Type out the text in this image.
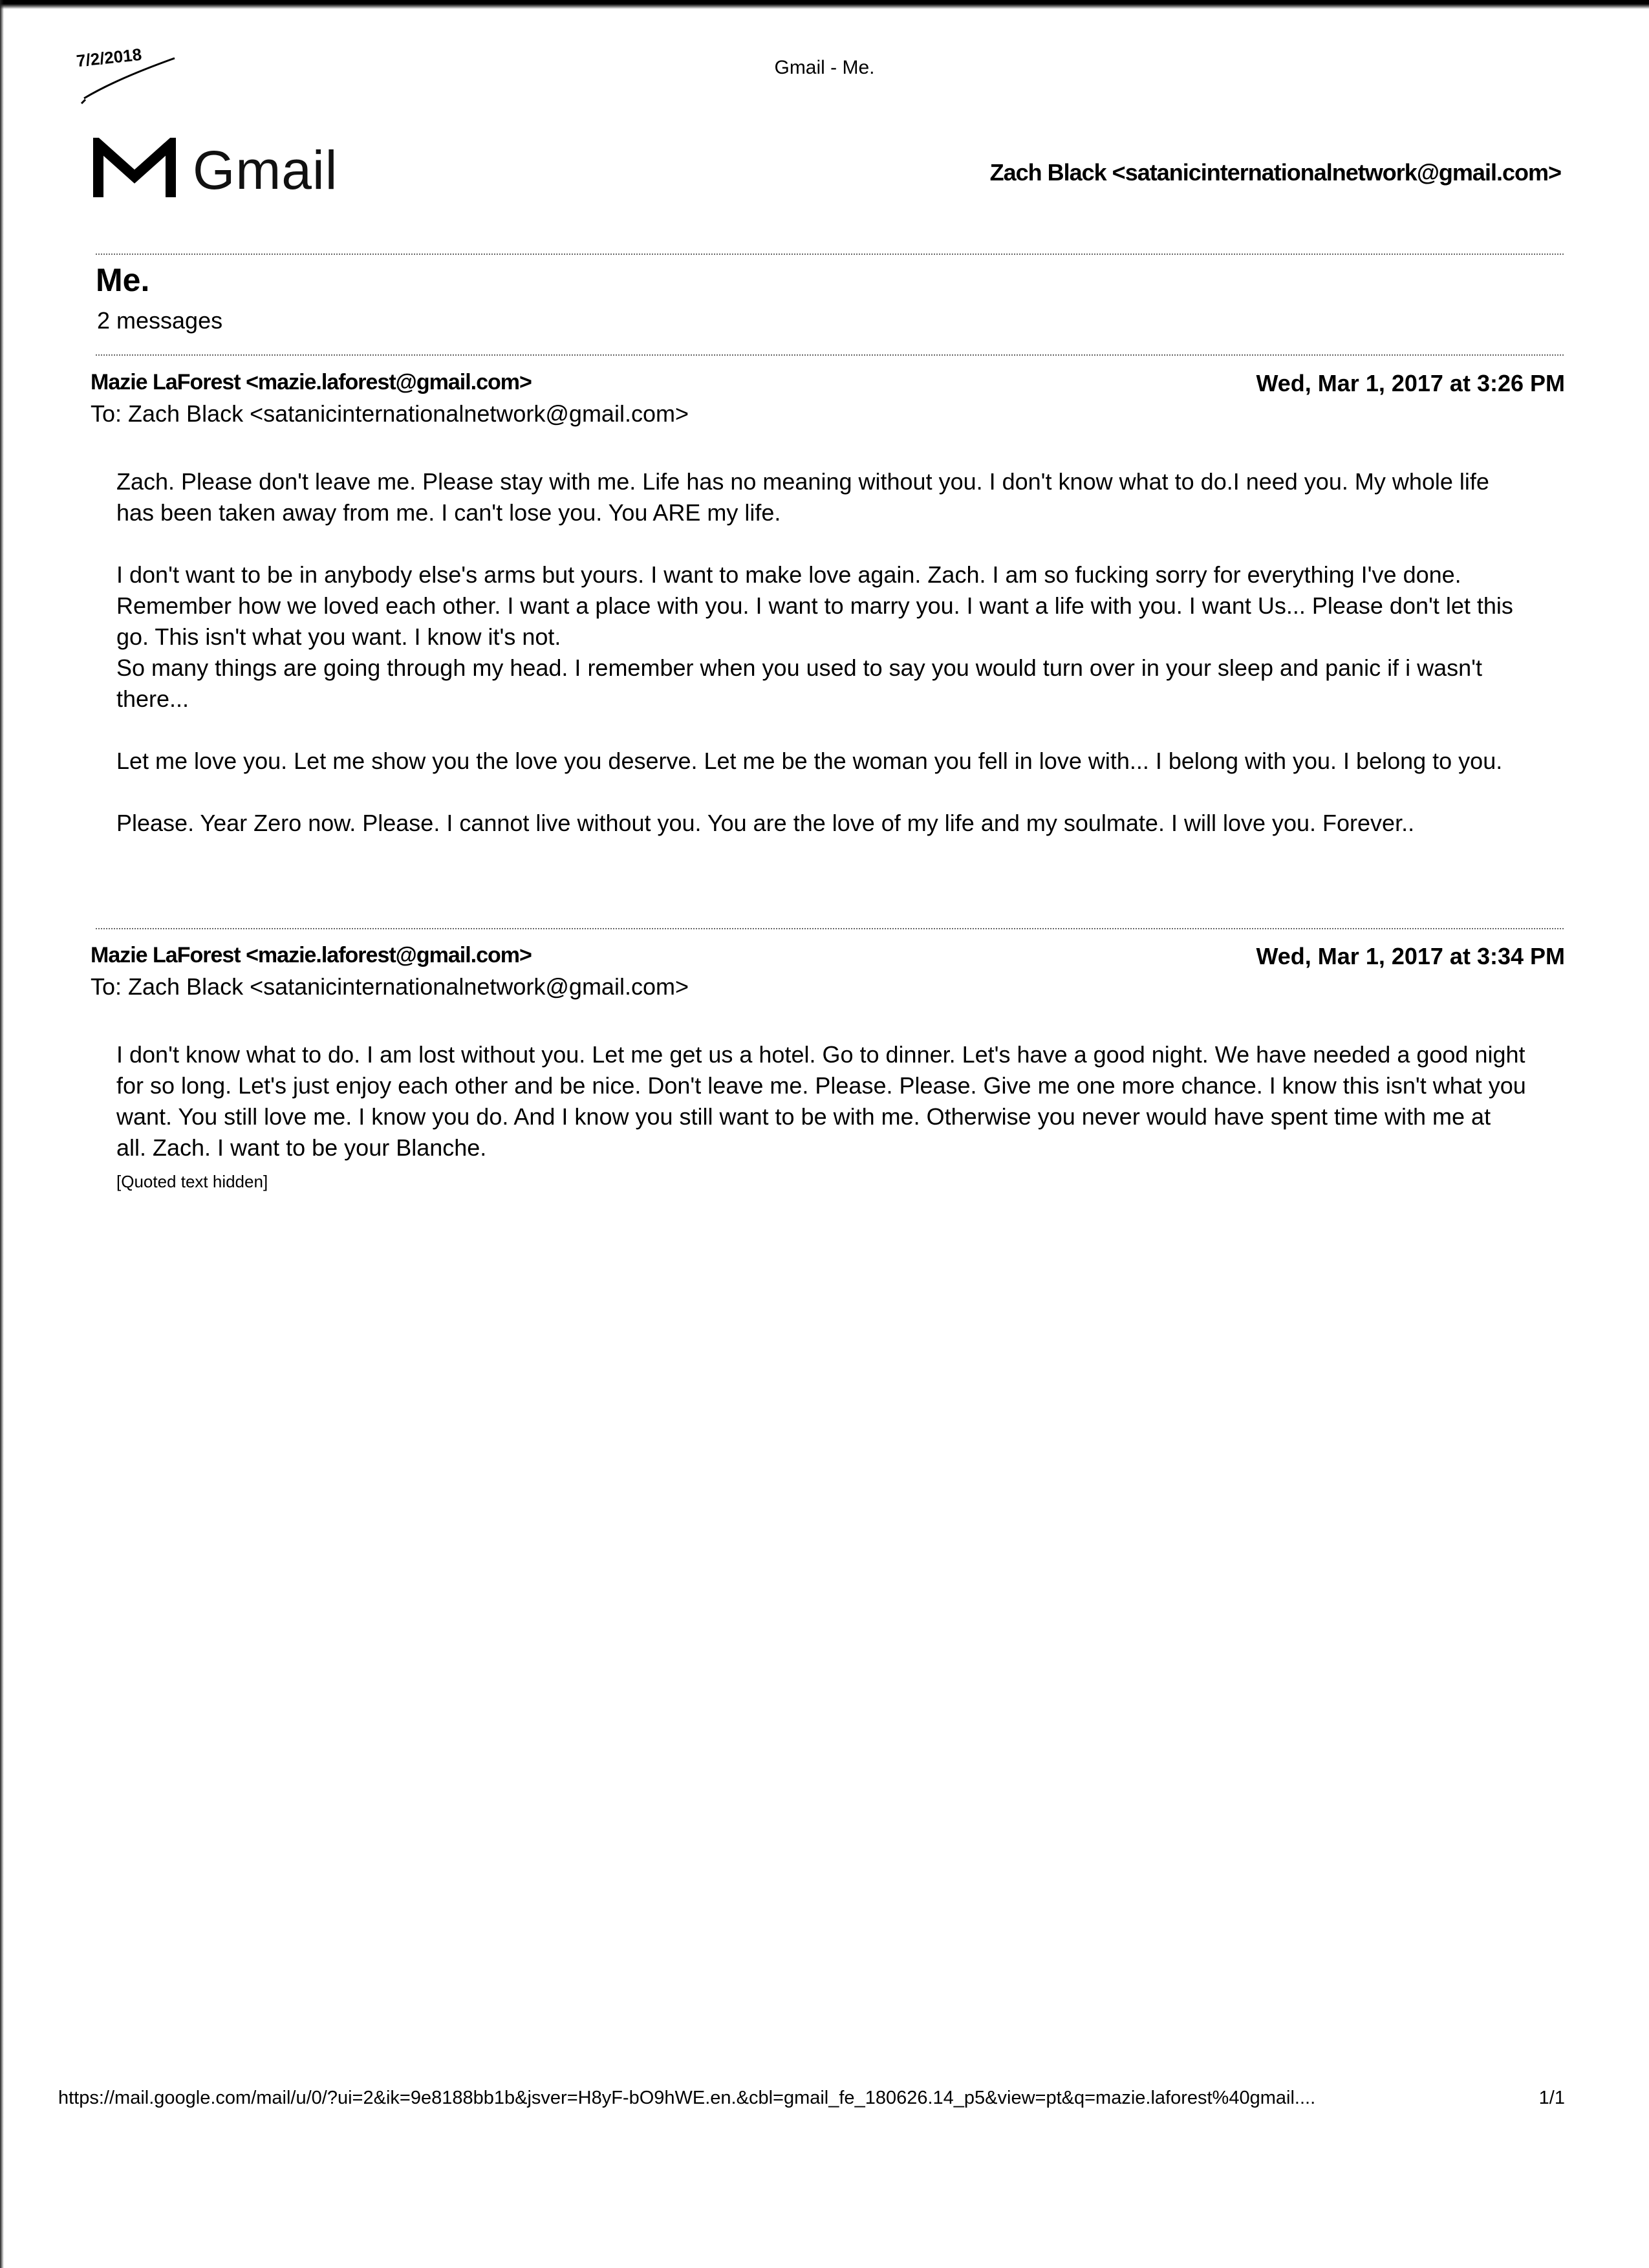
7/2/2018	Gmail - Me.
Gmail	Zach Black <satanicinternationalnetwork@gmail.com>
Me.
2 messages
Mazie LaForest <mazie.laforest@gmail.com>	Wed, Mar 1, 2017 at 3:26 PM
To: Zach Black <satanicinternationalnetwork@gmail.com>

Zach. Please don't leave me. Please stay with me. Life has no meaning without you. I don't know what to do.I need you. My whole life has been taken away from me. I can't lose you. You ARE my life.

I don't want to be in anybody else's arms but yours. I want to make love again. Zach. I am so fucking sorry for everything I've done. Remember how we loved each other. I want a place with you. I want to marry you. I want a life with you. I want Us... Please don't let this go. This isn't what you want. I know it's not.
So many things are going through my head. I remember when you used to say you would turn over in your sleep and panic if i wasn't there...

Let me love you. Let me show you the love you deserve. Let me be the woman you fell in love with... I belong with you. I belong to you.

Please. Year Zero now. Please. I cannot live without you. You are the love of my life and my soulmate. I will love you. Forever..

Mazie LaForest <mazie.laforest@gmail.com>	Wed, Mar 1, 2017 at 3:34 PM
To: Zach Black <satanicinternationalnetwork@gmail.com>

I don't know what to do. I am lost without you. Let me get us a hotel. Go to dinner. Let's have a good night. We have needed a good night for so long. Let's just enjoy each other and be nice. Don't leave me. Please. Please. Give me one more chance. I know this isn't what you want. You still love me. I know you do. And I know you still want to be with me. Otherwise you never would have spent time with me at all. Zach. I want to be your Blanche.

[Quoted text hidden]
https://mail.google.com/mail/u/0/?ui=2&ik=9e8188bb1b&jsver=H8yF-bO9hWE.en.&cbl=gmail_fe_180626.14_p5&view=pt&q=mazie.laforest%40gmail....	1/1
